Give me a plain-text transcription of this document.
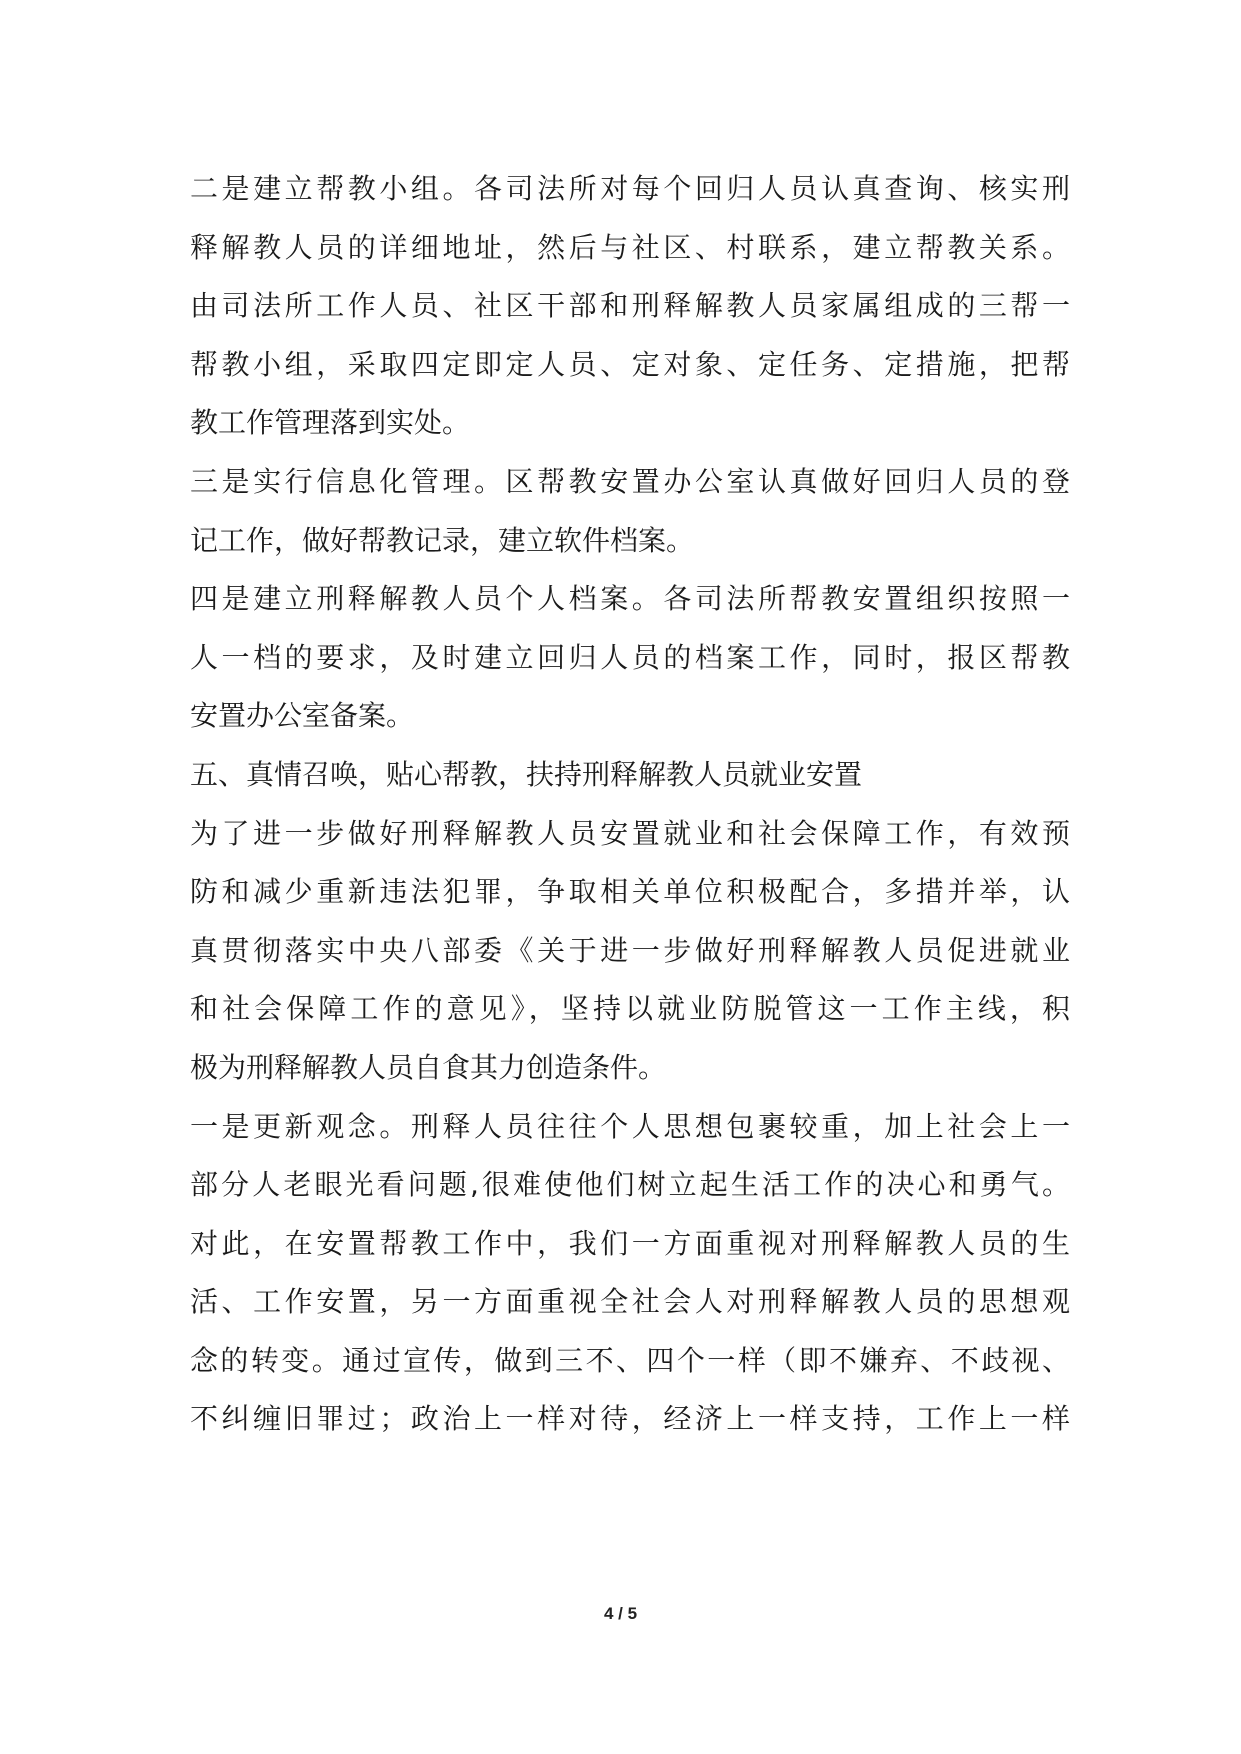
二是建立帮教小组。各司法所对每个回归人员认真查询、核实刑
释解教人员的详细地址，然后与社区、村联系，建立帮教关系。
由司法所工作人员、社区干部和刑释解教人员家属组成的三帮一
帮教小组，采取四定即定人员、定对象、定任务、定措施，把帮
教工作管理落到实处。
三是实行信息化管理。区帮教安置办公室认真做好回归人员的登
记工作，做好帮教记录，建立软件档案。
四是建立刑释解教人员个人档案。各司法所帮教安置组织按照一
人一档的要求，及时建立回归人员的档案工作，同时，报区帮教
安置办公室备案。
五、真情召唤，贴心帮教，扶持刑释解教人员就业安置
为了进一步做好刑释解教人员安置就业和社会保障工作，有效预
防和减少重新违法犯罪，争取相关单位积极配合，多措并举，认
真贯彻落实中央八部委《关于进一步做好刑释解教人员促进就业
和社会保障工作的意见》，坚持以就业防脱管这一工作主线，积
极为刑释解教人员自食其力创造条件。
一是更新观念。刑释人员往往个人思想包裹较重，加上社会上一
部分人老眼光看问题,很难使他们树立起生活工作的决心和勇气。
对此，在安置帮教工作中，我们一方面重视对刑释解教人员的生
活、工作安置，另一方面重视全社会人对刑释解教人员的思想观
念的转变。通过宣传，做到三不、四个一样（即不嫌弃、不歧视、
不纠缠旧罪过；政治上一样对待，经济上一样支持，工作上一样
4 / 5
